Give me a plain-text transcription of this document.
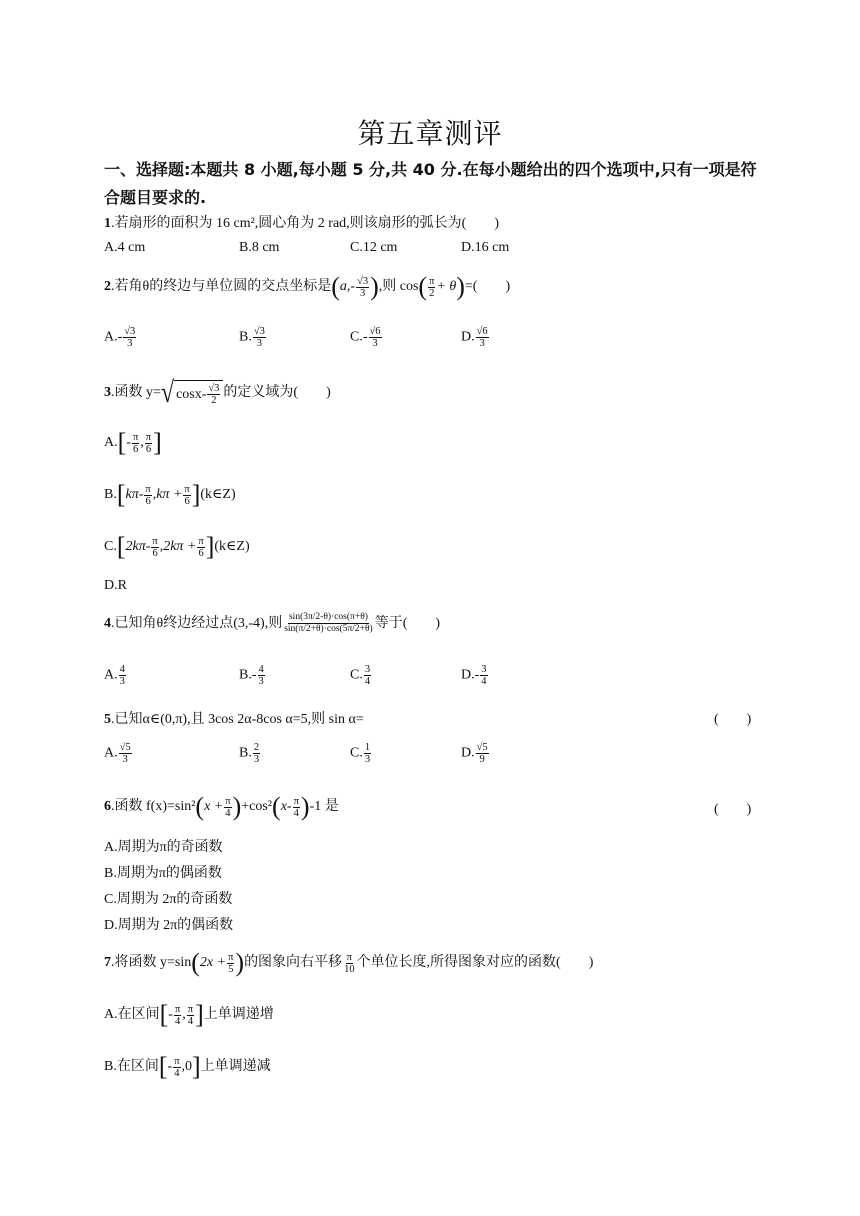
第五章测评
一、选择题:本题共 8 小题,每小题 5 分,共 40 分.在每小题给出的四个选项中,只有一项是符合题目要求的.
1.若扇形的面积为 16 cm²,圆心角为 2 rad,则该扇形的弧长为(　　)
A.4 cm	B.8 cm	C.12 cm	D.16 cm
2.若角θ的终边与单位圆的交点坐标是($a,- \frac{√3}{3}$ ),则 $\cos( \frac{\pi}{2} + \theta)=$(　　)
$A.- \frac{√3}{3}$	B. $\frac{√3}{3}$	$C.- \frac{√6}{3}$	D. $\frac{√6}{3}$
3.函数 y= √ $\cos x- \frac{√3}{2}$ 的定义域为(　　)
$A.[- \frac{\pi}{6}$ , $\frac{\pi}{6}$ ]
$B.[k\pi- \frac{\pi}{6} ,k\pi + \frac{\pi}{6}$ ](k∈Z)
$C.[2k\pi- \frac{\pi}{6} ,2k\pi + \frac{\pi}{6}$ ](k∈Z)
D.R
4.已知角θ终边经过点(3,-4),则 $\frac{\sin(3\pi/2-\theta)\cdot\cos(\pi+\theta)}{\sin(\pi/2+\theta)\cdot\cos(5\pi/2+\theta)}$ 等于(　　)
A. $\frac{4}{3}$	$B.- \frac{4}{3}$	C. $\frac{3}{4}$	$D.- \frac{3}{4}$
5.已知α∈(0,π),且 3cos 2α-8cos α=5,则 sin α=	(　　)
A. $\frac{√5}{3}$	B. $\frac{2}{3}$	C. $\frac{1}{3}$	D. $\frac{√5}{9}$
6.函数 $f(x)=\sin^2(x + \frac{\pi}{4} )+\cos^2(x- \frac{\pi}{4} )-1$ 是	(　　)
A.周期为π的奇函数
B.周期为π的偶函数
C.周期为 2π的奇函数
D.周期为 2π的偶函数
7.将函数 $y=\sin(2x + \frac{\pi}{5}$ )的图象向右平移 $\frac{\pi}{10}$ 个单位长度,所得图象对应的函数(　　)
A.在区间[- $\frac{\pi}{4}$ , $\frac{\pi}{4}$ ]上单调递增
B.在区间[- $\frac{\pi}{4} ,0$]上单调递减
